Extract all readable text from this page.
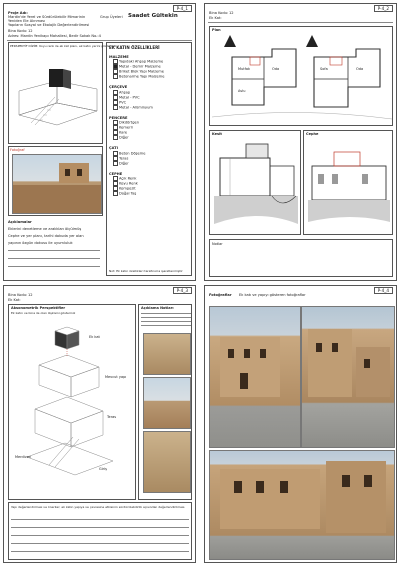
P-4_1
Proje Adı:
Mardin'de Yerel ve Sürdürülebilir Mimarinin
Yeniden Ele Alınması
Yapıların Sosyal ve Ekolojik Değerlendirilmesi
Grup Üyeleri Saadet Gültekin
Bina Kodu: 12
Adres: Mardin Yenikapı Mahallesi, Bedir Sokak No.:4
PERSPEKTİF DİZİM: Koyu renk ile ek kat planı, ek katın yerini gösteriniz
Fotoğraf
Açıklamalar
Eklerini denetleme ve aralıkları ölçülmüş
Cephe ve yer planı, tarihi dokuda yer alan
yapının özgün dokusu ile uyumluluk
EK KATIN ÖZELLİKLERİ
MALZEME
Yapıdaki Ahşap Malzeme
Metal - Demir Malzeme
Briket Blok Yapı Malzeme
Betonarme Yapı Malzeme
ÇERÇEVE
Ahşap
Metal - PVC
PVC
Metal - Alüminyum
PENCERE
Dikdörtgen
Kemerli
Kare
Diğer
ÇATI
Beton Döşeme
Teras
Diğer
CEPHE
Açık Renk
Koyu Renk
Kompozit
Doğal Taş
Not: Ek katın özellikleri tarafınızca işaretlenmiştir
P-4_2
Bina Kodu: 12
Ek Kat:
Plan
Mutfak	Oda	Sofa	Oda
Avlu
Kesit	Cephe
Notlar
P-4_3
Bina Kodu: 12
Ek Kat:
Aksonometrik Perspektifler
Ek katın ve bina ile olan ilişkisini gösteriniz
Ek kat
Mevcut yapı
Teras
Merdiven
Giriş
Açıklama Notları
Yapı değerlendirmesi ve öneriler; ek katın yapıya ve çevresine etkisinin sürdürülebilirlik açısından değerlendirilmesi.
P-4_4
Fotoğraflar Ek katı ve yapıyı gösteren fotoğraflar
